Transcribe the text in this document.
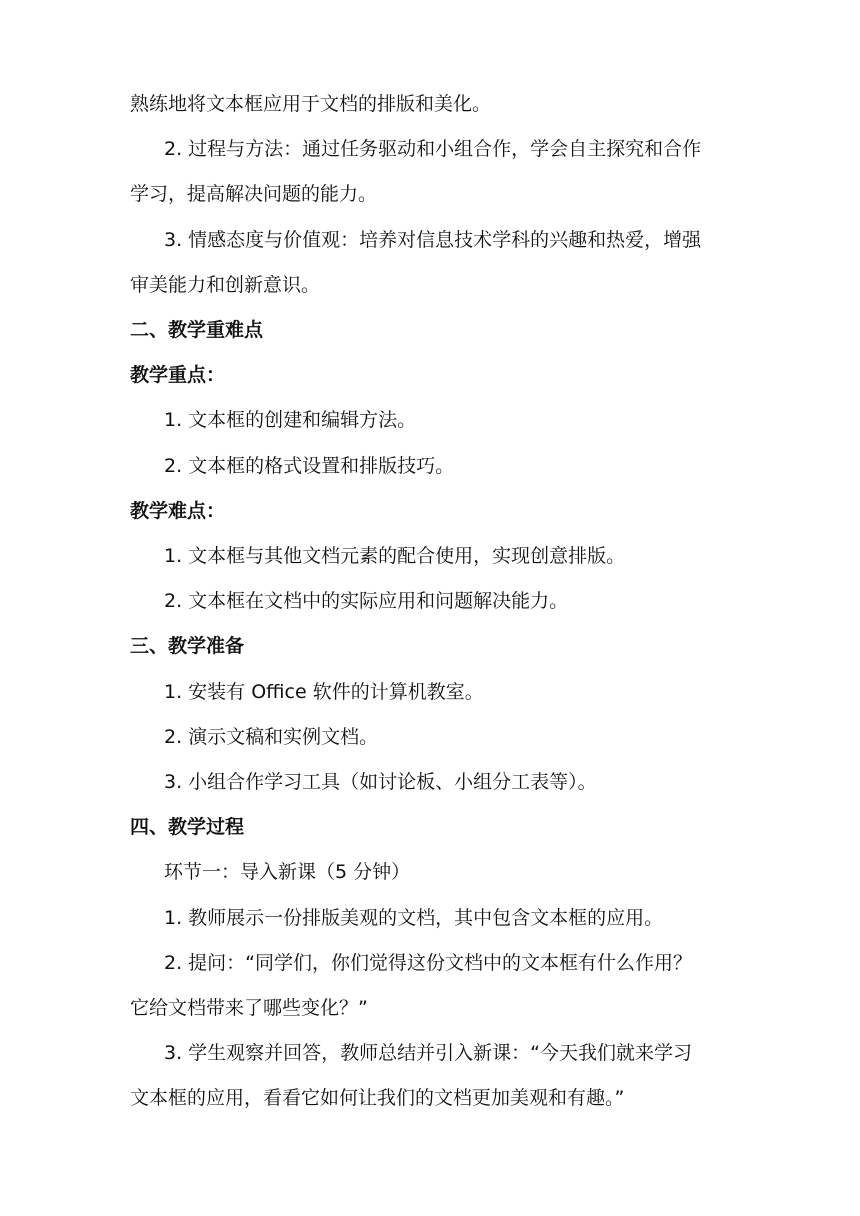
熟练地将文本框应用于文档的排版和美化。
2. 过程与方法：通过任务驱动和小组合作，学会自主探究和合作
学习，提高解决问题的能力。
3. 情感态度与价值观：培养对信息技术学科的兴趣和热爱，增强
审美能力和创新意识。
二、教学重难点
教学重点：
1. 文本框的创建和编辑方法。
2. 文本框的格式设置和排版技巧。
教学难点：
1. 文本框与其他文档元素的配合使用，实现创意排版。
2. 文本框在文档中的实际应用和问题解决能力。
三、教学准备
1. 安装有 Office 软件的计算机教室。
2. 演示文稿和实例文档。
3. 小组合作学习工具（如讨论板、小组分工表等）。
四、教学过程
环节一：导入新课（5 分钟）
1. 教师展示一份排版美观的文档，其中包含文本框的应用。
2. 提问：“同学们，你们觉得这份文档中的文本框有什么作用？
它给文档带来了哪些变化？”
3. 学生观察并回答，教师总结并引入新课：“今天我们就来学习
文本框的应用，看看它如何让我们的文档更加美观和有趣。”
